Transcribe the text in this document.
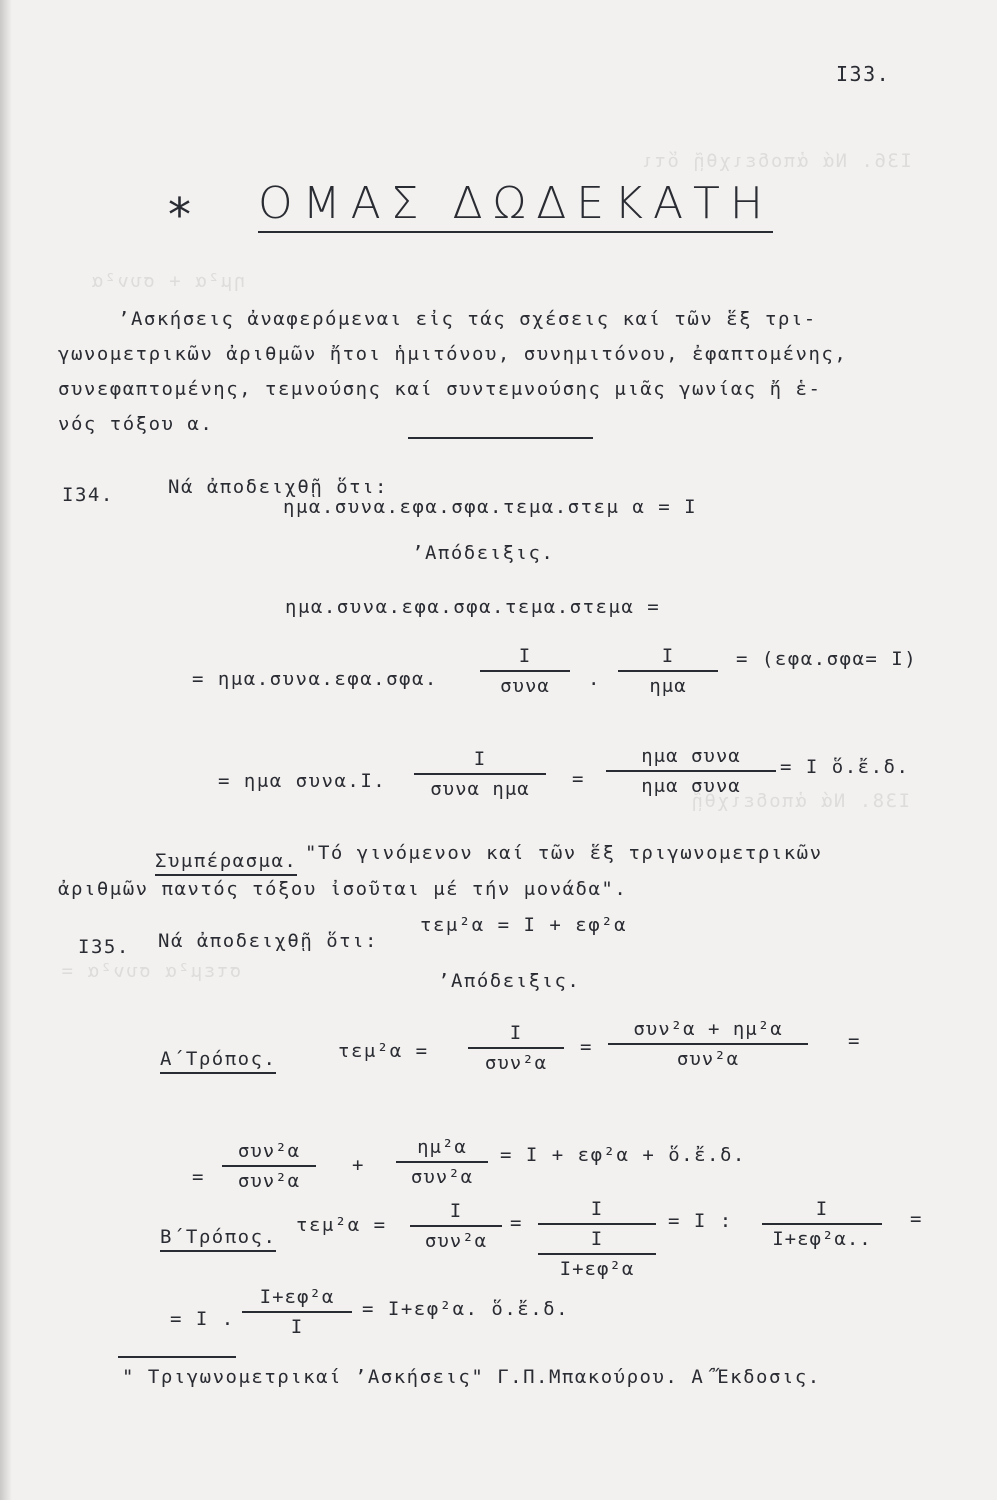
Ι36. Νά ἀποδειχθῇ ὅτι
ημ²α + συν²α
Ι38. Νά ἀποδειχθῇ
στεμ²α συν²α =
I33.
* ΟΜΑΣ ΔΩΔΕΚΑΤΗ
’Ασκήσεις ἀναφερόμεναι εἰς τάς σχέσεις καί τῶν ἕξ τρι-
γωνομετρικῶν ἀριθμῶν ἤτοι ἡμιτόνου, συνημιτόνου, ἐφαπτομένης,
συνεφαπτομένης, τεμνούσης καί συντεμνούσης μιᾶς γωνίας ἤ ἑ-
νός τόξου α.
I34.	Νά ἀποδειχθῇ ὅτι:
ημα.συνα.εφα.σφα.τεμα.στεμ α = I
’Απόδειξις.
ημα.συνα.εφα.σφα.τεμα.στεμα =
= ημα.συνα.εφα.σφα.
I
συνα	.
I
ημα
= (εφα.σφα= I)
= ημα συνα.I.
I
συνα ημα	=
ημα συνα
ημα συνα
= I ὅ.ἔ.δ.
Συμπέρασμα. "Τό γινόμενον καί τῶν ἕξ τριγωνομετρικῶν
ἀριθμῶν παντός τόξου ἰσοῦται μέ τήν μονάδα".
I35. Νά ἀποδειχθῇ ὅτι:
τεμ²α = I + εφ²α
’Απόδειξις.
Α΄Τρόπος.	τεμ²α =
I
συν²α
=
συν²α + ημ²α
συν²α
=
=
συν²α
συν²α
+
ημ²α
συν²α
= I + εφ²α + ὅ.ἔ.δ.
Β΄Τρόπος.
τεμ²α =
I
συν²α
=
I
I
I+εφ²α
= I :
I
I+εφ²α..
=
= I .
I+εφ²α
I
= I+εφ²α. ὅ.ἔ.δ.
" Τριγωνομετρικαί ’Ασκήσεις" Γ.Π.Μπακούρου. Α΄Ἔκδοσις.
